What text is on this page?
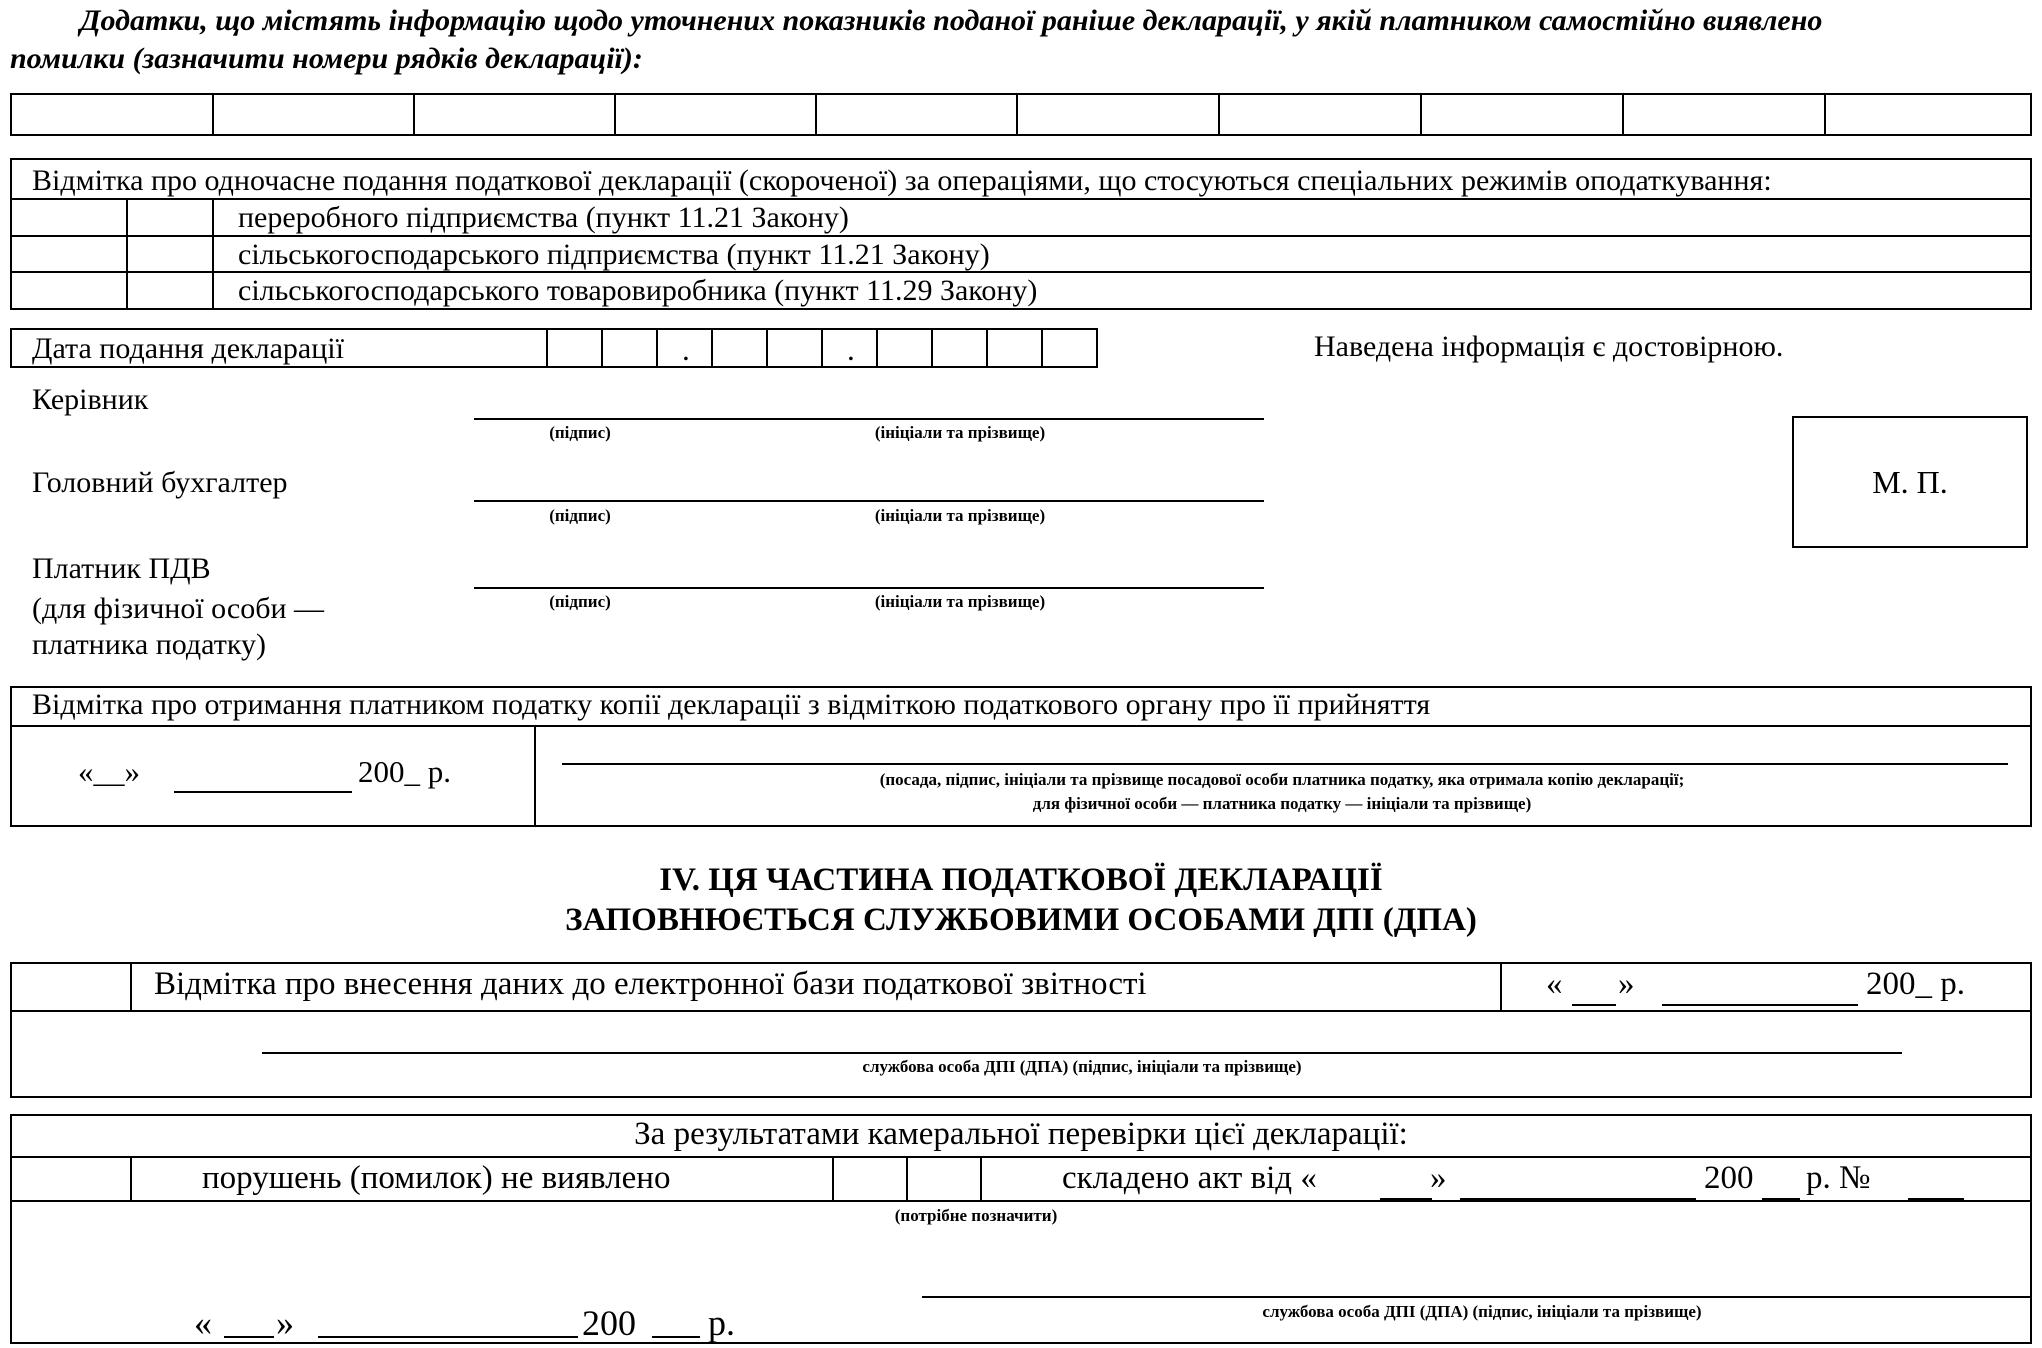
Додатки, що містять інформацію щодо уточнених показників поданої раніше декларації, у якій платником самостійно виявлено
помилки (зазначити номери рядків декларації):
Відмітка про одночасне подання податкової декларації (скороченої) за операціями, що стосуються спеціальних режимів оподаткування:
переробного підприємства (пункт 11.21 Закону)
сільськогосподарського підприємства (пункт 11.21 Закону)
сільськогосподарського товаровиробника (пункт 11.29 Закону)
Дата подання декларації	.	.	Наведена інформація є достовірною.
Керівник
(підпис)	(ініціали та прізвище)
Головний бухгалтер
(підпис)	(ініціали та прізвище)
Платник ПДВ
(для фізичної особи —
платника податку)
(підпис)	(ініціали та прізвище)
М. П.
Відмітка про отримання платником податку копії декларації з відміткою податкового органу про її прийняття
«__»	200_ р.	(посада, підпис, ініціали та прізвище посадової особи платника податку, яка отримала копію декларації;
для фізичної особи — платника податку — ініціали та прізвище)
IV. ЦЯ ЧАСТИНА ПОДАТКОВОЇ ДЕКЛАРАЦІЇ
ЗАПОВНЮЄТЬСЯ СЛУЖБОВИМИ ОСОБАМИ ДПІ (ДПА)
Відмітка про внесення даних до електронної бази податкової звітності	« »	200_ р.
службова особа ДПІ (ДПА) (підпис, ініціали та прізвище)
За результатами камеральної перевірки цієї декларації:
порушень (помилок) не виявлено	складено акт від «	»	200 р. №
(потрібне позначити)
« »	200 р.	службова особа ДПІ (ДПА) (підпис, ініціали та прізвище)
